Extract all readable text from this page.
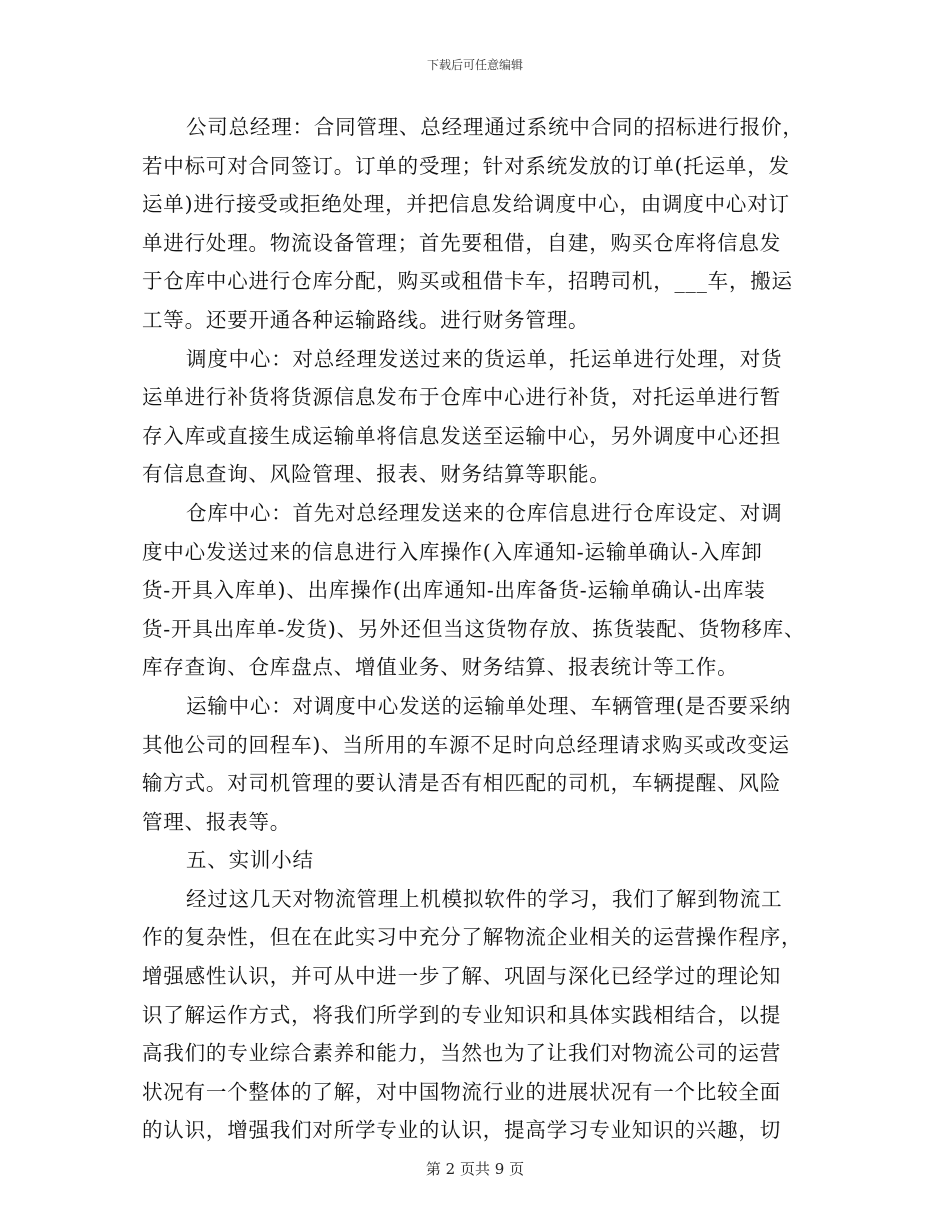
下载后可任意编辑
公司总经理：合同管理、总经理通过系统中合同的招标进行报价，
若中标可对合同签订。订单的受理；针对系统发放的订单(托运单，发
运单)进行接受或拒绝处理，并把信息发给调度中心，由调度中心对订
单进行处理。物流设备管理；首先要租借，自建，购买仓库将信息发
于仓库中心进行仓库分配，购买或租借卡车，招聘司机，___车，搬运
工等。还要开通各种运输路线。进行财务管理。
调度中心：对总经理发送过来的货运单，托运单进行处理，对货
运单进行补货将货源信息发布于仓库中心进行补货，对托运单进行暂
存入库或直接生成运输单将信息发送至运输中心，另外调度中心还担
有信息查询、风险管理、报表、财务结算等职能。
仓库中心：首先对总经理发送来的仓库信息进行仓库设定、对调
度中心发送过来的信息进行入库操作(入库通知-运输单确认-入库卸
货-开具入库单)、出库操作(出库通知-出库备货-运输单确认-出库装
货-开具出库单-发货)、另外还但当这货物存放、拣货装配、货物移库、
库存查询、仓库盘点、增值业务、财务结算、报表统计等工作。
运输中心：对调度中心发送的运输单处理、车辆管理(是否要采纳
其他公司的回程车)、当所用的车源不足时向总经理请求购买或改变运
输方式。对司机管理的要认清是否有相匹配的司机，车辆提醒、风险
管理、报表等。
五、实训小结
经过这几天对物流管理上机模拟软件的学习，我们了解到物流工
作的复杂性，但在在此实习中充分了解物流企业相关的运营操作程序，
增强感性认识，并可从中进一步了解、巩固与深化已经学过的理论知
识了解运作方式，将我们所学到的专业知识和具体实践相结合，以提
高我们的专业综合素养和能力，当然也为了让我们对物流公司的运营
状况有一个整体的了解，对中国物流行业的进展状况有一个比较全面
的认识，增强我们对所学专业的认识，提高学习专业知识的兴趣，切
第 2 页共 9 页
